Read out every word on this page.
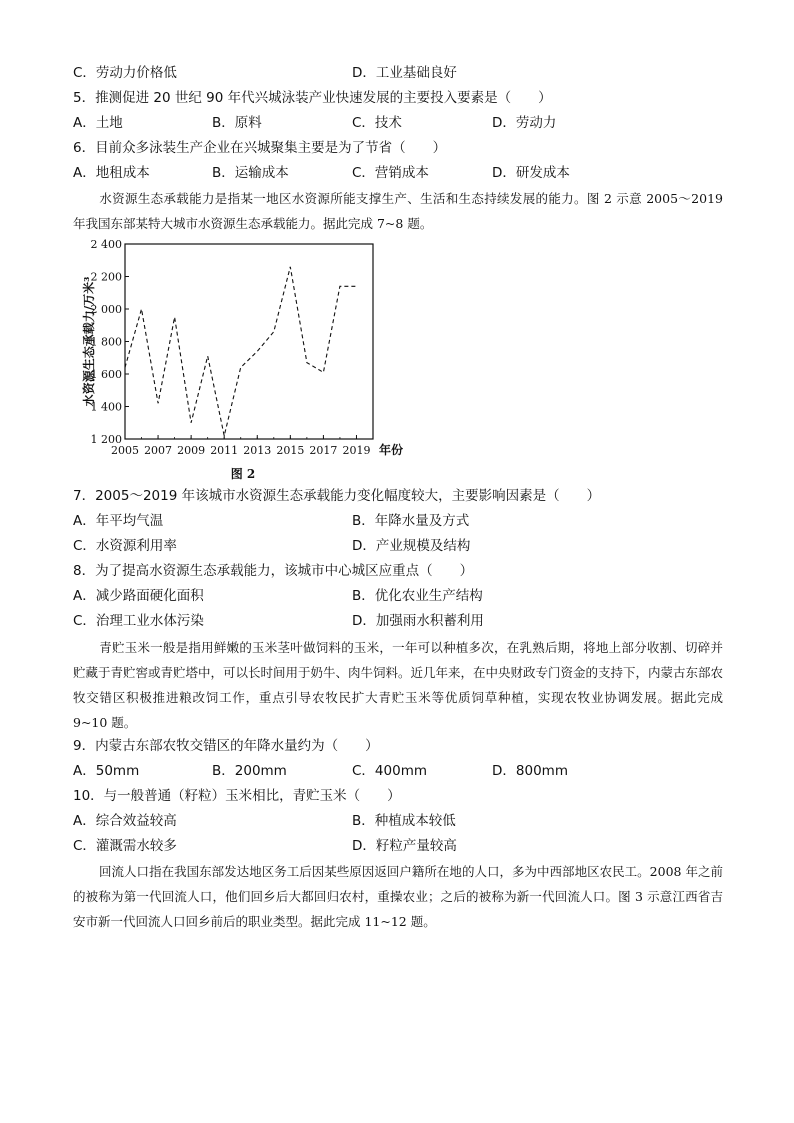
C．劳动力价格低	D．工业基础良好
5．推测促进 20 世纪 90 年代兴城泳装产业快速发展的主要投入要素是（　　）
A．土地	B．原料	C．技术	D．劳动力
6．目前众多泳装生产企业在兴城聚集主要是为了节省（　　）
A．地租成本	B．运输成本	C．营销成本	D．研发成本
水资源生态承载能力是指某一地区水资源所能支撑生产、生活和生态持续发展的能力。图 2 示意 2005～2019 年我国东部某特大城市水资源生态承载能力。据此完成 7~8 题。
1 200
1 400
1 600
1 800
2 000
2 200
2 400
2005 2007 2009 2011 2013 2015 2017 2019
水资源生态承载力/万米³
年份
图 2
7．2005～2019 年该城市水资源生态承载能力变化幅度较大，主要影响因素是（　　）
A．年平均气温	B．年降水量及方式
C．水资源利用率	D．产业规模及结构
8．为了提高水资源生态承载能力，该城市中心城区应重点（　　）
A．减少路面硬化面积	B．优化农业生产结构
C．治理工业水体污染	D．加强雨水积蓄利用
青贮玉米一般是指用鲜嫩的玉米茎叶做饲料的玉米，一年可以种植多次，在乳熟后期，将地上部分收割、切碎并贮藏于青贮窖或青贮塔中，可以长时间用于奶牛、肉牛饲料。近几年来，在中央财政专门资金的支持下，内蒙古东部农牧交错区积极推进粮改饲工作，重点引导农牧民扩大青贮玉米等优质饲草种植，实现农牧业协调发展。据此完成 9~10 题。
9．内蒙古东部农牧交错区的年降水量约为（　　）
A．50mm	B．200mm	C．400mm	D．800mm
10．与一般普通（籽粒）玉米相比，青贮玉米（　　）
A．综合效益较高	B．种植成本较低
C．灌溉需水较多	D．籽粒产量较高
回流人口指在我国东部发达地区务工后因某些原因返回户籍所在地的人口，多为中西部地区农民工。2008 年之前的被称为第一代回流人口，他们回乡后大都回归农村，重操农业；之后的被称为新一代回流人口。图 3 示意江西省吉安市新一代回流人口回乡前后的职业类型。据此完成 11~12 题。
